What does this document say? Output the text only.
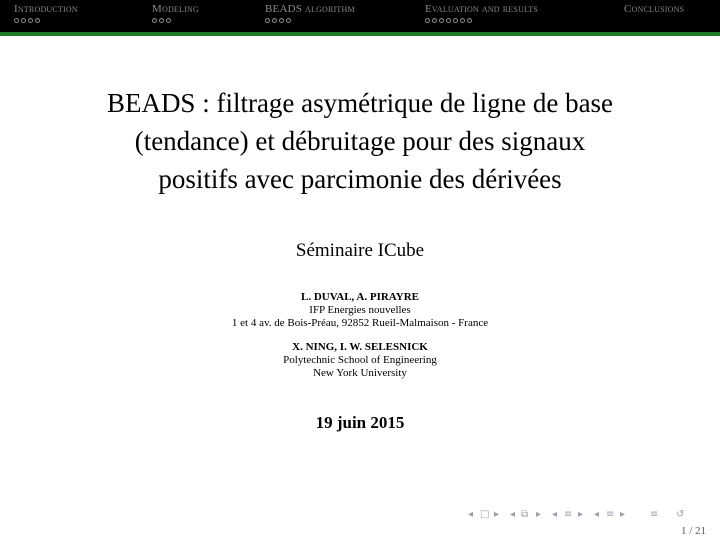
Introduction	Modeling	BEADS algorithm	Evaluation and results	Conclusions
BEADS : filtrage asymétrique de ligne de base
(tendance) et débruitage pour des signaux
positifs avec parcimonie des dérivées
Séminaire ICube
L. DUVAL, A. PIRAYRE
IFP Energies nouvelles
1 et 4 av. de Bois-Préau, 92852 Rueil-Malmaison - France
X. NING, I. W. SELESNICK
Polytechnic School of Engineering
New York University
19 juin 2015
◂ □ ▸ ◂ ⧉ ▸ ◂ ≡ ▸ ◂ ≡ ▸ ≡ ↺
1 / 21
